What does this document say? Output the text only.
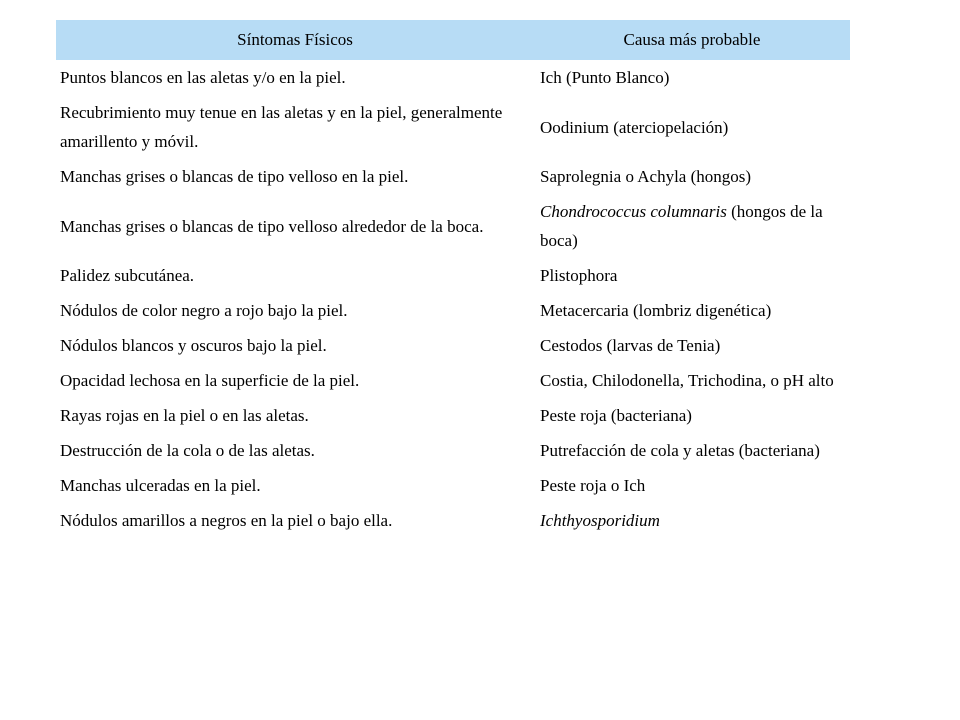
Síntomas Físicos	Causa más probable
Puntos blancos en las aletas y/o en la piel.	Ich (Punto Blanco)
Recubrimiento muy tenue en las aletas y en la piel, generalmente amarillento y móvil.	Oodinium (aterciopelación)
Manchas grises o blancas de tipo velloso en la piel.	Saprolegnia o Achyla (hongos)
Manchas grises o blancas de tipo velloso alrededor de la boca.	Chondrococcus columnaris (hongos de la boca)
Palidez subcutánea.	Plistophora
Nódulos de color negro a rojo bajo la piel.	Metacercaria (lombriz digenética)
Nódulos blancos y oscuros bajo la piel.	Cestodos (larvas de Tenia)
Opacidad lechosa en la superficie de la piel.	Costia, Chilodonella, Trichodina, o pH alto
Rayas rojas en la piel o en las aletas.	Peste roja (bacteriana)
Destrucción de la cola o de las aletas.	Putrefacción de cola y aletas (bacteriana)
Manchas ulceradas en la piel.	Peste roja o Ich
Nódulos amarillos a negros en la piel o bajo ella.	Ichthyosporidium
